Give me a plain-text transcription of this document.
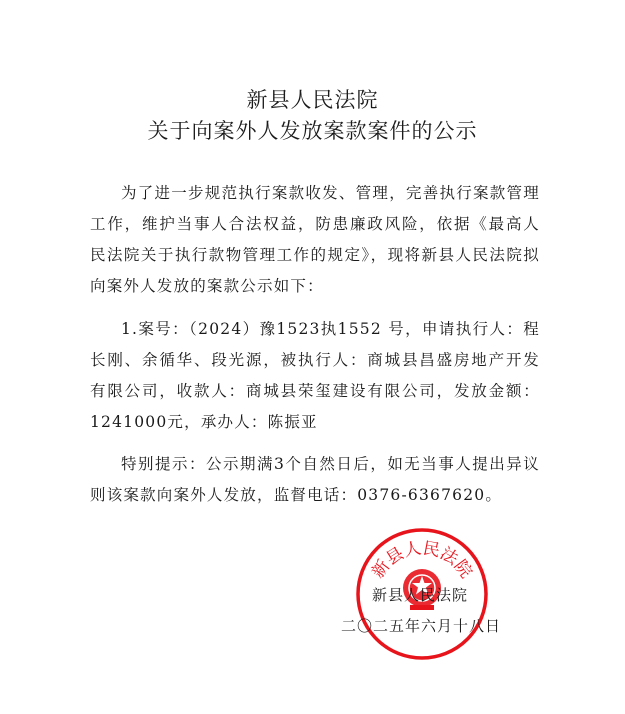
新县人民法院
关于向案外人发放案款案件的公示

为了进一步规范执行案款收发、管理，完善执行案款管理工作，维护当事人合法权益，防患廉政风险，依据《最高人民法院关于执行款物管理工作的规定》，现将新县人民法院拟向案外人发放的案款公示如下：

1.案号：（2024）豫1523执1552 号，申请执行人：程长刚、余循华、段光源，被执行人：商城县昌盛房地产开发有限公司，收款人：商城县荣玺建设有限公司，发放金额：1241000元，承办人：陈振亚

特别提示：公示期满3个自然日后，如无当事人提出异议则该案款向案外人发放，监督电话：0376-6367620。

新县人民法院
新县人民法院
二〇二五年六月十八日
